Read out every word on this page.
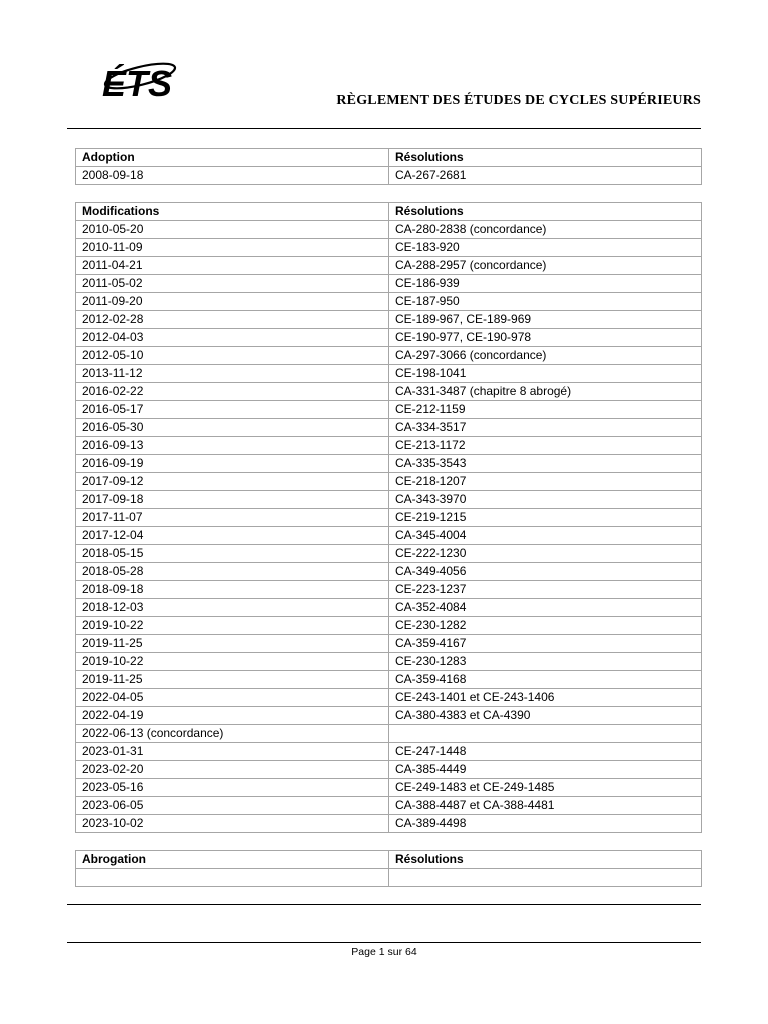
ÉTS	RÈGLEMENT DES ÉTUDES DE CYCLES SUPÉRIEURS
Adoption	Résolutions
2008-09-18	CA-267-2681
Modifications	Résolutions
2010-05-20	CA-280-2838 (concordance)
2010-11-09	CE-183-920
2011-04-21	CA-288-2957 (concordance)
2011-05-02	CE-186-939
2011-09-20	CE-187-950
2012-02-28	CE-189-967, CE-189-969
2012-04-03	CE-190-977, CE-190-978
2012-05-10	CA-297-3066 (concordance)
2013-11-12	CE-198-1041
2016-02-22	CA-331-3487 (chapitre 8 abrogé)
2016-05-17	CE-212-1159
2016-05-30	CA-334-3517
2016-09-13	CE-213-1172
2016-09-19	CA-335-3543
2017-09-12	CE-218-1207
2017-09-18	CA-343-3970
2017-11-07	CE-219-1215
2017-12-04	CA-345-4004
2018-05-15	CE-222-1230
2018-05-28	CA-349-4056
2018-09-18	CE-223-1237
2018-12-03	CA-352-4084
2019-10-22	CE-230-1282
2019-11-25	CA-359-4167
2019-10-22	CE-230-1283
2019-11-25	CA-359-4168
2022-04-05	CE-243-1401 et CE-243-1406
2022-04-19	CA-380-4383 et CA-4390
2022-06-13 (concordance)	
2023-01-31	CE-247-1448
2023-02-20	CA-385-4449
2023-05-16	CE-249-1483 et CE-249-1485
2023-06-05	CA-388-4487 et CA-388-4481
2023-10-02	CA-389-4498
Abrogation	Résolutions

Page 1 sur 64
